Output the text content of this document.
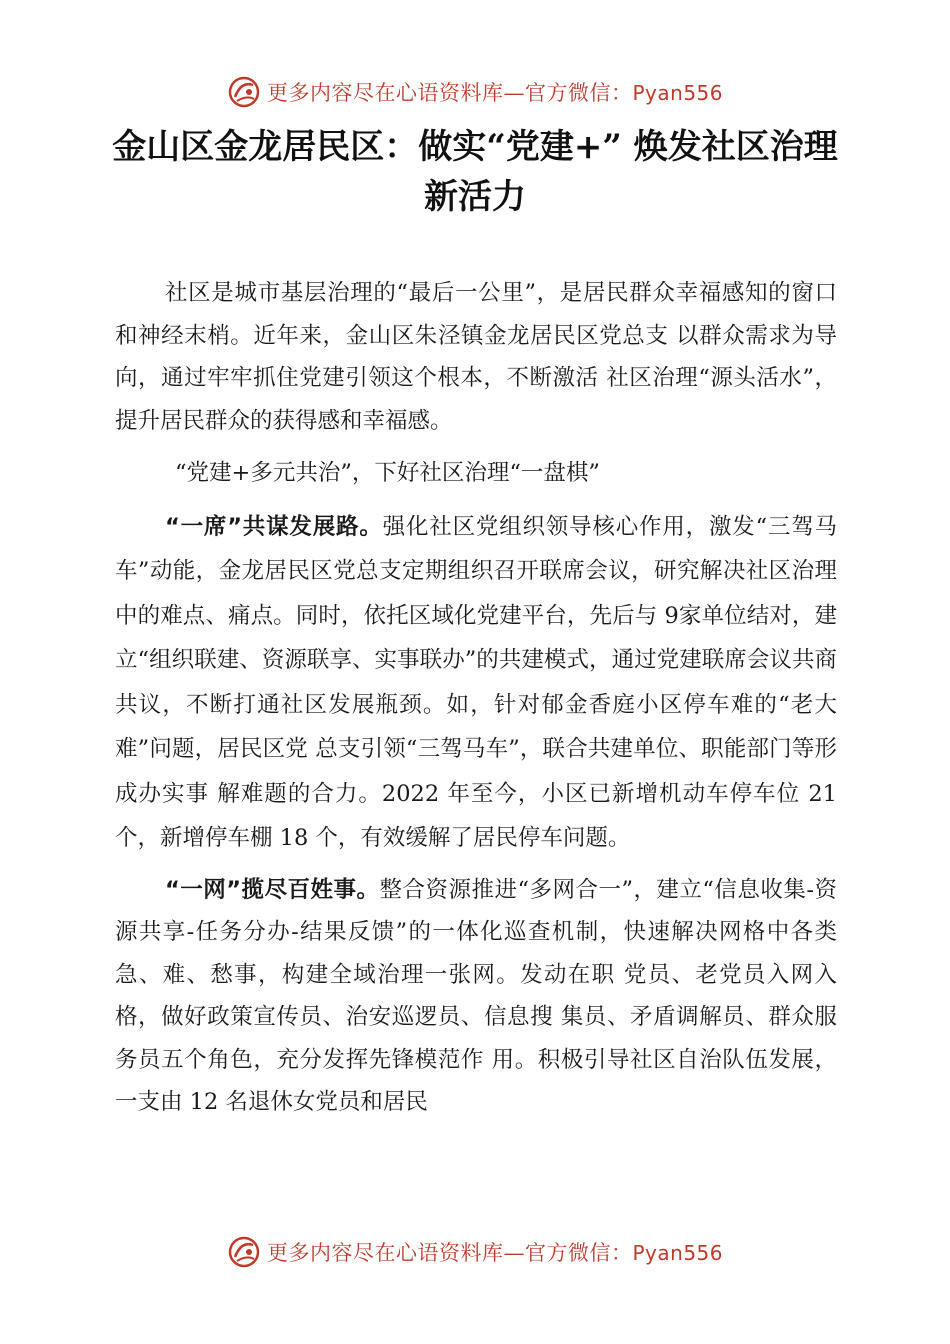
更多内容尽在心语资料库—官方微信：Pyan556
金山区金龙居民区：做实“党建+” 焕发社区治理新活力

社区是城市基层治理的“最后一公里”，是居民群众幸福感知的窗口和神经末梢。近年来，金山区朱泾镇金龙居民区党总支 以群众需求为导向，通过牢牢抓住党建引领这个根本，不断激活 社区治理“源头活水”，提升居民群众的获得感和幸福感。

“党建+多元共治”，下好社区治理“一盘棋”

“一席”共谋发展路。强化社区党组织领导核心作用，激发“三驾马车”动能，金龙居民区党总支定期组织召开联席会议，研究解决社区治理中的难点、痛点。同时，依托区域化党建平台，先后与 9家单位结对，建立“组织联建、资源联享、实事联办”的共建模式，通过党建联席会议共商共议，不断打通社区发展瓶颈。如，针对郁金香庭小区停车难的“老大难”问题，居民区党 总支引领“三驾马车”，联合共建单位、职能部门等形成办实事 解难题的合力。2022 年至今，小区已新增机动车停车位 21 个，新增停车棚 18 个，有效缓解了居民停车问题。

“一网”揽尽百姓事。整合资源推进“多网合一”，建立“信息收集-资源共享-任务分办-结果反馈”的一体化巡查机制，快速解决网格中各类急、难、愁事，构建全域治理一张网。发动在职 党员、老党员入网入格，做好政策宣传员、治安巡逻员、信息搜 集员、矛盾调解员、群众服务员五个角色，充分发挥先锋模范作 用。积极引导社区自治队伍发展，一支由 12 名退休女党员和居民

更多内容尽在心语资料库—官方微信：Pyan556
